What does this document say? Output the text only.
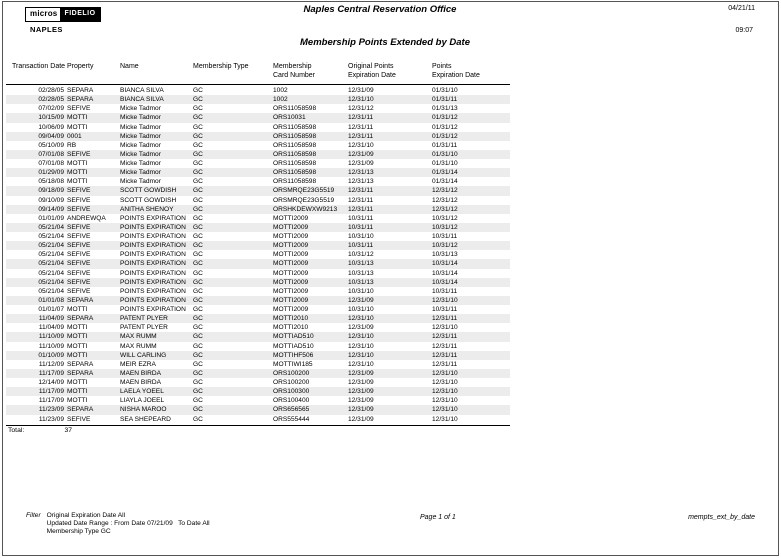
micros	FIDELIO
NAPLES
Naples Central Reservation Office
Membership Points Extended by Date
04/21/11
09:07
Transaction Date Property	Name	Membership Type	Membership
Card Number
Original Points
Expiration Date
Points
Expiration Date
02/28/05 SEPARA	BIANCA SILVA	GC	1002	12/31/09	01/31/10
02/28/05 SEPARA	BIANCA SILVA	GC	1002	12/31/10	01/31/11
07/02/09 SEFIVE	Micke Tadmor	GC	ORS11058598	12/31/12	01/31/13
10/15/09 MOTTI	Micke Tadmor	GC	ORS10031	12/31/11	01/31/12
10/06/09 MOTTI	Micke Tadmor	GC	ORS11058598	12/31/11	01/31/12
09/04/09 0001	Micke Tadmor	GC	ORS11058598	12/31/11	01/31/12
05/10/09 RB	Micke Tadmor	GC	ORS11058598	12/31/10	01/31/11
07/01/08 SEFIVE	Micke Tadmor	GC	ORS11058598	12/31/09	01/31/10
07/01/08 MOTTI	Micke Tadmor	GC	ORS11058598	12/31/09	01/31/10
01/29/09 MOTTI	Micke Tadmor	GC	ORS11058598	12/31/13	01/31/14
05/18/08 MOTTI	Micke Tadmor	GC	ORS11058598	12/31/13	01/31/14
09/18/09 SEFIVE	SCOTT GOWDISH	GC	ORSMRQE23G5519	12/31/11	12/31/12
09/10/09 SEFIVE	SCOTT GOWDISH	GC	ORSMRQE23G5519	12/31/11	12/31/12
09/14/09 SEFIVE	ANITHA SHENOY	GC	ORSHKDEWXW9213	12/31/11	12/31/12
01/01/09 ANDREWQA	POINTS EXPIRATION	GC	MOTTI2009	10/31/11	10/31/12
05/21/04 SEFIVE	POINTS EXPIRATION	GC	MOTTI2009	10/31/11	10/31/12
05/21/04 SEFIVE	POINTS EXPIRATION	GC	MOTTI2009	10/31/10	10/31/11
05/21/04 SEFIVE	POINTS EXPIRATION	GC	MOTTI2009	10/31/11	10/31/12
05/21/04 SEFIVE	POINTS EXPIRATION	GC	MOTTI2009	10/31/12	10/31/13
05/21/04 SEFIVE	POINTS EXPIRATION	GC	MOTTI2009	10/31/13	10/31/14
05/21/04 SEFIVE	POINTS EXPIRATION	GC	MOTTI2009	10/31/13	10/31/14
05/21/04 SEFIVE	POINTS EXPIRATION	GC	MOTTI2009	10/31/13	10/31/14
05/21/04 SEFIVE	POINTS EXPIRATION	GC	MOTTI2009	10/31/10	10/31/11
01/01/08 SEPARA	POINTS EXPIRATION	GC	MOTTI2009	12/31/09	12/31/10
01/01/07 MOTTI	POINTS EXPIRATION	GC	MOTTI2009	10/31/10	10/31/11
11/04/09 SEPARA	PATENT PLYER	GC	MOTTI2010	12/31/10	12/31/11
11/04/09 MOTTI	PATENT PLYER	GC	MOTTI2010	12/31/09	12/31/10
11/10/09 MOTTI	MAX RUMM	GC	MOTTIAD510	12/31/10	12/31/11
11/10/09 MOTTI	MAX RUMM	GC	MOTTIAD510	12/31/10	12/31/11
01/10/09 MOTTI	WILL CARLING	GC	MOTTIHF506	12/31/10	12/31/11
11/12/09 SEPARA	MEIR EZRA	GC	MOTTIWI185	12/31/10	12/31/11
11/17/09 SEPARA	MAEN BIRDA	GC	ORS100200	12/31/09	12/31/10
12/14/09 MOTTI	MAEN BIRDA	GC	ORS100200	12/31/09	12/31/10
11/17/09 MOTTI	LAELA YOEEL	GC	ORS100300	12/31/09	12/31/10
11/17/09 MOTTI	LIAYLA JOEEL	GC	ORS100400	12/31/09	12/31/10
11/23/09 SEPARA	NISHA MAROO	GC	ORS656565	12/31/09	12/31/10
11/23/09 SEFIVE	SEA SHEPEARD	GC	ORS555444	12/31/09	12/31/10
Total:	37
Filter Original Expiration Date All
Updated Date Range : From Date 07/21/09   To Date All
Membership Type GC
Page 1 of 1	mempts_ext_by_date
